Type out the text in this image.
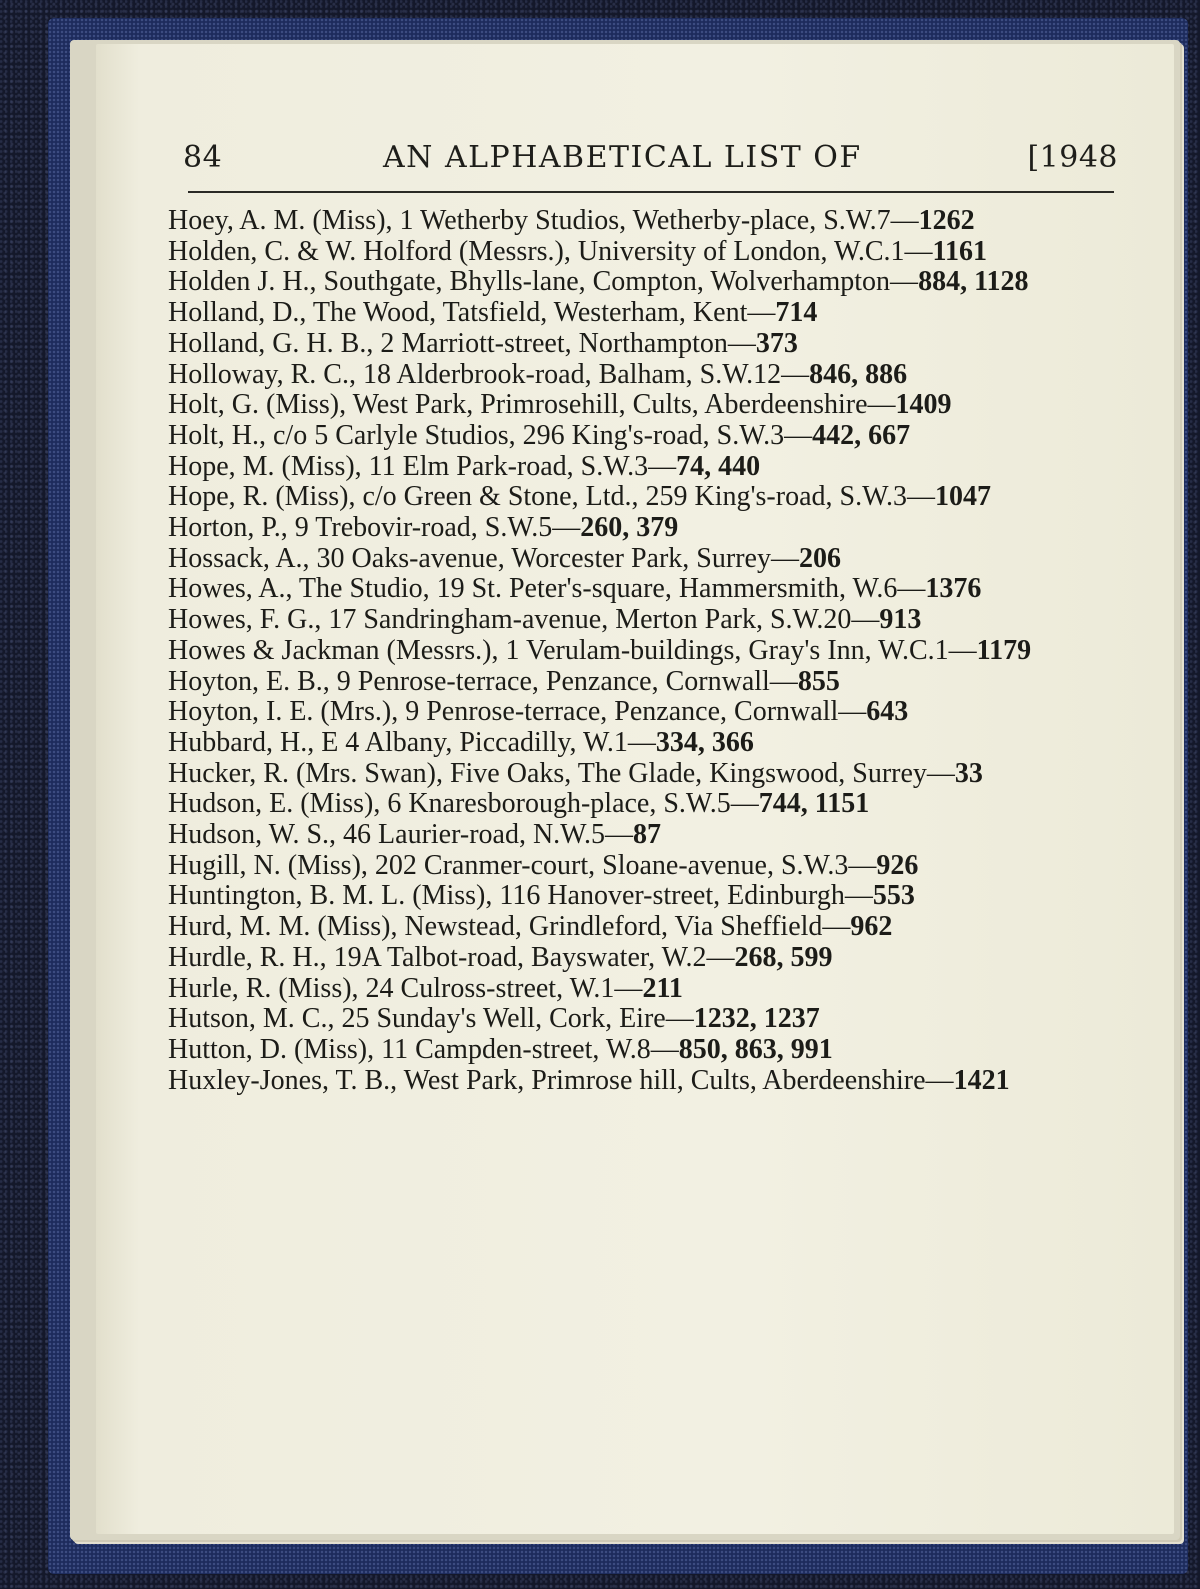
84	AN ALPHABETICAL LIST OF	[1948

Hoey, A. M. (Miss), 1 Wetherby Studios, Wetherby-place, S.W.7—1262

Holden, C. & W. Holford (Messrs.), University of London, W.C.1—1161

Holden J. H., Southgate, Bhylls-lane, Compton, Wolverhampton—884, 1128

Holland, D., The Wood, Tatsfield, Westerham, Kent—714

Holland, G. H. B., 2 Marriott-street, Northampton—373

Holloway, R. C., 18 Alderbrook-road, Balham, S.W.12—846, 886

Holt, G. (Miss), West Park, Primrosehill, Cults, Aberdeenshire—1409

Holt, H., c/o 5 Carlyle Studios, 296 King's-road, S.W.3—442, 667

Hope, M. (Miss), 11 Elm Park-road, S.W.3—74, 440

Hope, R. (Miss), c/o Green & Stone, Ltd., 259 King's-road, S.W.3—1047

Horton, P., 9 Trebovir-road, S.W.5—260, 379

Hossack, A., 30 Oaks-avenue, Worcester Park, Surrey—206

Howes, A., The Studio, 19 St. Peter's-square, Hammersmith, W.6—1376

Howes, F. G., 17 Sandringham-avenue, Merton Park, S.W.20—913

Howes & Jackman (Messrs.), 1 Verulam-buildings, Gray's Inn, W.C.1—1179

Hoyton, E. B., 9 Penrose-terrace, Penzance, Cornwall—855

Hoyton, I. E. (Mrs.), 9 Penrose-terrace, Penzance, Cornwall—643

Hubbard, H., E 4 Albany, Piccadilly, W.1—334, 366

Hucker, R. (Mrs. Swan), Five Oaks, The Glade, Kingswood, Surrey—33

Hudson, E. (Miss), 6 Knaresborough-place, S.W.5—744, 1151

Hudson, W. S., 46 Laurier-road, N.W.5—87

Hugill, N. (Miss), 202 Cranmer-court, Sloane-avenue, S.W.3—926

Huntington, B. M. L. (Miss), 116 Hanover-street, Edinburgh—553

Hurd, M. M. (Miss), Newstead, Grindleford, Via Sheffield—962

Hurdle, R. H., 19A Talbot-road, Bayswater, W.2—268, 599

Hurle, R. (Miss), 24 Culross-street, W.1—211

Hutson, M. C., 25 Sunday's Well, Cork, Eire—1232, 1237

Hutton, D. (Miss), 11 Campden-street, W.8—850, 863, 991

Huxley-Jones, T. B., West Park, Primrose hill, Cults, Aberdeenshire—1421
